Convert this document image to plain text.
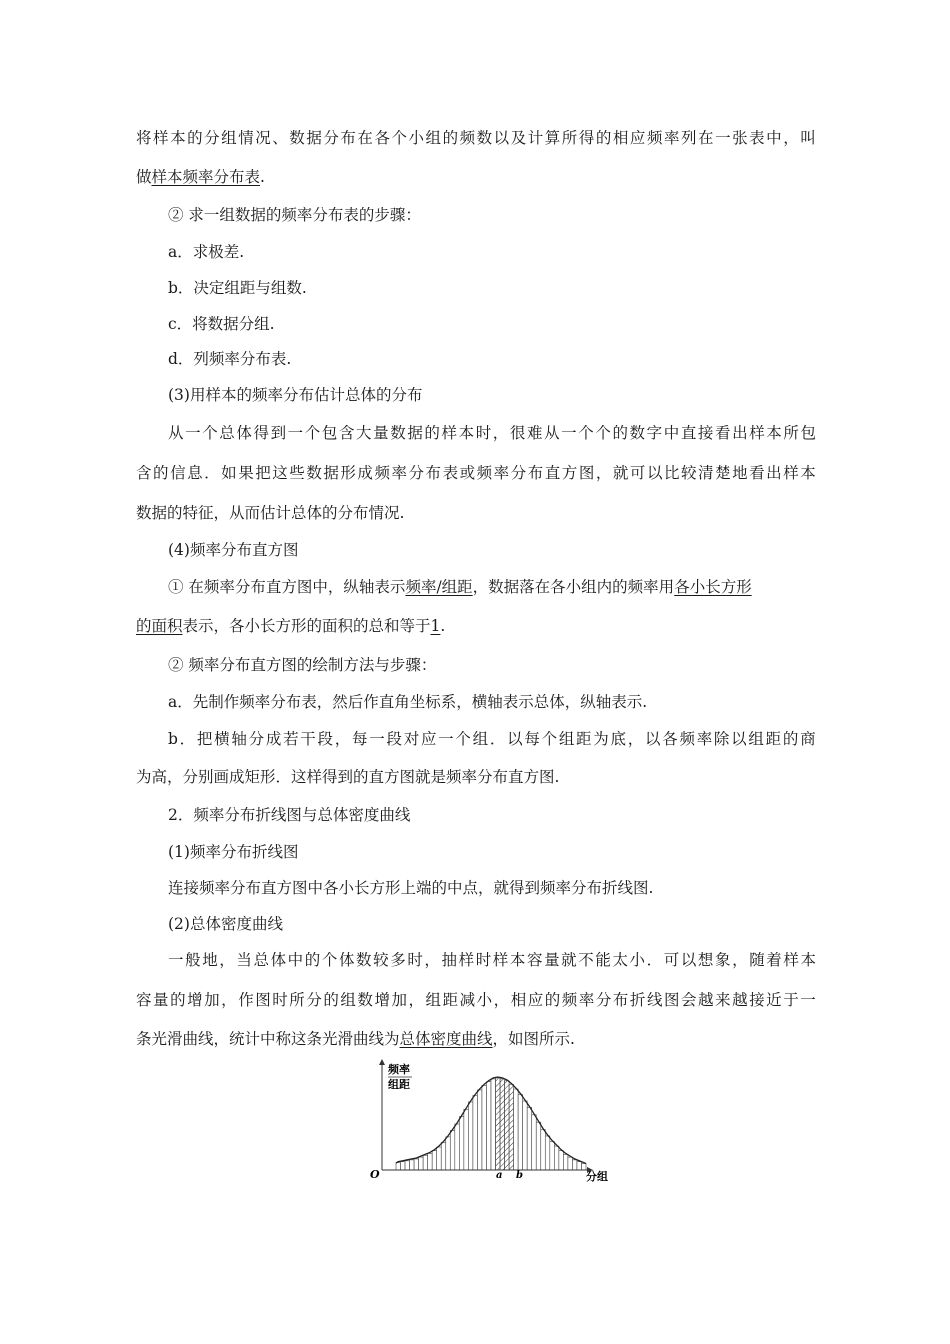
将 样 本 的 分 组 情 况 、 数 据 分 布 在 各 个 小 组 的 频 数 以 及 计 算 所 得 的 相 应 频 率 列 在 一 张 表 中 ， 叫
做样本频率分布表.
② 求一组数据的频率分布表的步骤：
a．求极差.
b．决定组距与组数.
c．将数据分组.
d．列频率分布表.
(3)用样本的频率分布估计总体的分布
从 一 个 总 体 得 到 一 个 包 含 大 量 数 据 的 样 本 时 ， 很 难 从 一 个 个 的 数 字 中 直 接 看 出 样 本 所 包
含 的 信 息 ． 如 果 把 这 些 数 据 形 成 频 率 分 布 表 或 频 率 分 布 直 方 图 ， 就 可 以 比 较 清 楚 地 看 出 样 本
数据的特征，从而估计总体的分布情况.
(4)频率分布直方图
① 在频率分布直方图中，纵轴表示频率/组距，数据落在各小组内的频率用各小长方形
的面积表示，各小长方形的面积的总和等于1.
② 频率分布直方图的绘制方法与步骤：
a．先制作频率分布表，然后作直角坐标系，横轴表示总体，纵轴表示.
b ． 把 横 轴 分 成 若 干 段 ， 每 一 段 对 应 一 个 组 ． 以 每 个 组 距 为 底 ， 以 各 频 率 除 以 组 距 的 商
为高，分别画成矩形．这样得到的直方图就是频率分布直方图.
2．频率分布折线图与总体密度曲线
(1)频率分布折线图
连接频率分布直方图中各小长方形上端的中点，就得到频率分布折线图.
(2)总体密度曲线
一 般 地 ， 当 总 体 中 的 个 体 数 较 多 时 ， 抽 样 时 样 本 容 量 就 不 能 太 小 ． 可 以 想 象 ， 随 着 样 本
容 量 的 增 加 ， 作 图 时 所 分 的 组 数 增 加 ， 组 距 减 小 ， 相 应 的 频 率 分 布 折 线 图 会 越 来 越 接 近 于 一
条光滑曲线，统计中称这条光滑曲线为总体密度曲线，如图所示.
频率
组距
O	a b	分组
